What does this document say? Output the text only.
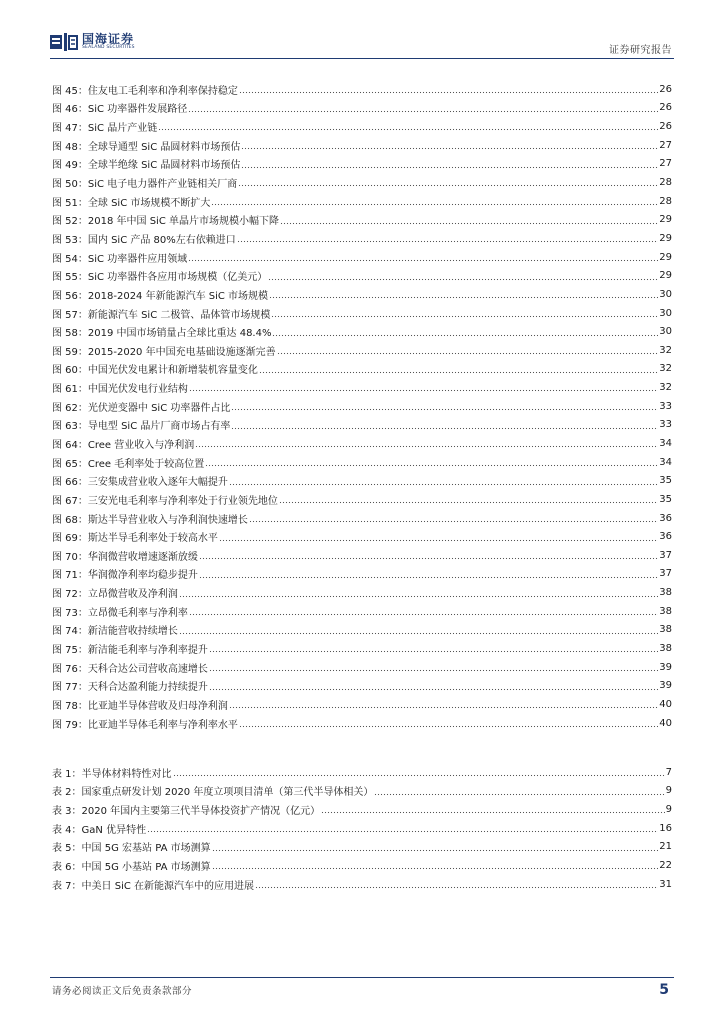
国海证券
SEALAND SECURITIES	证券研究报告
图 45： 住友电工毛利率和净利率保持稳定	26
图 46： SiC 功率器件发展路径	26
图 47： SiC 晶片产业链	26
图 48： 全球导通型 SiC 晶圆材料市场预估	27
图 49： 全球半绝缘 SiC 晶圆材料市场预估	27
图 50： SiC 电子电力器件产业链相关厂商	28
图 51： 全球 SiC 市场规模不断扩大	28
图 52： 2018 年中国 SiC 单晶片市场规模小幅下降	29
图 53： 国内 SiC 产品 80%左右依赖进口	29
图 54： SiC 功率器件应用领域	29
图 55： SiC 功率器件各应用市场规模（亿美元）	29
图 56： 2018-2024 年新能源汽车 SiC 市场规模	30
图 57： 新能源汽车 SiC 二极管、晶体管市场规模	30
图 58： 2019 中国市场销量占全球比重达 48.4%	30
图 59： 2015-2020 年中国充电基础设施逐渐完善	32
图 60： 中国光伏发电累计和新增装机容量变化	32
图 61： 中国光伏发电行业结构	32
图 62： 光伏逆变器中 SiC 功率器件占比	33
图 63： 导电型 SiC 晶片厂商市场占有率	33
图 64： Cree 营业收入与净利润	34
图 65： Cree 毛利率处于较高位置	34
图 66： 三安集成营业收入逐年大幅提升	35
图 67： 三安光电毛利率与净利率处于行业领先地位	35
图 68： 斯达半导营业收入与净利润快速增长	36
图 69： 斯达半导毛利率处于较高水平	36
图 70： 华润微营收增速逐渐放缓	37
图 71： 华润微净利率均稳步提升	37
图 72： 立昂微营收及净利润	38
图 73： 立昂微毛利率与净利率	38
图 74： 新洁能营收持续增长	38
图 75： 新洁能毛利率与净利率提升	38
图 76： 天科合达公司营收高速增长	39
图 77： 天科合达盈利能力持续提升	39
图 78： 比亚迪半导体营收及归母净利润	40
图 79： 比亚迪半导体毛利率与净利率水平	40
表 1： 半导体材料特性对比	7
表 2： 国家重点研发计划 2020 年度立项项目清单（第三代半导体相关）	9
表 3： 2020 年国内主要第三代半导体投资扩产情况（亿元）	9
表 4： GaN 优异特性	16
表 5： 中国 5G 宏基站 PA 市场测算	21
表 6： 中国 5G 小基站 PA 市场测算	22
表 7： 中美日 SiC 在新能源汽车中的应用进展	31
请务必阅读正文后免责条款部分	5
